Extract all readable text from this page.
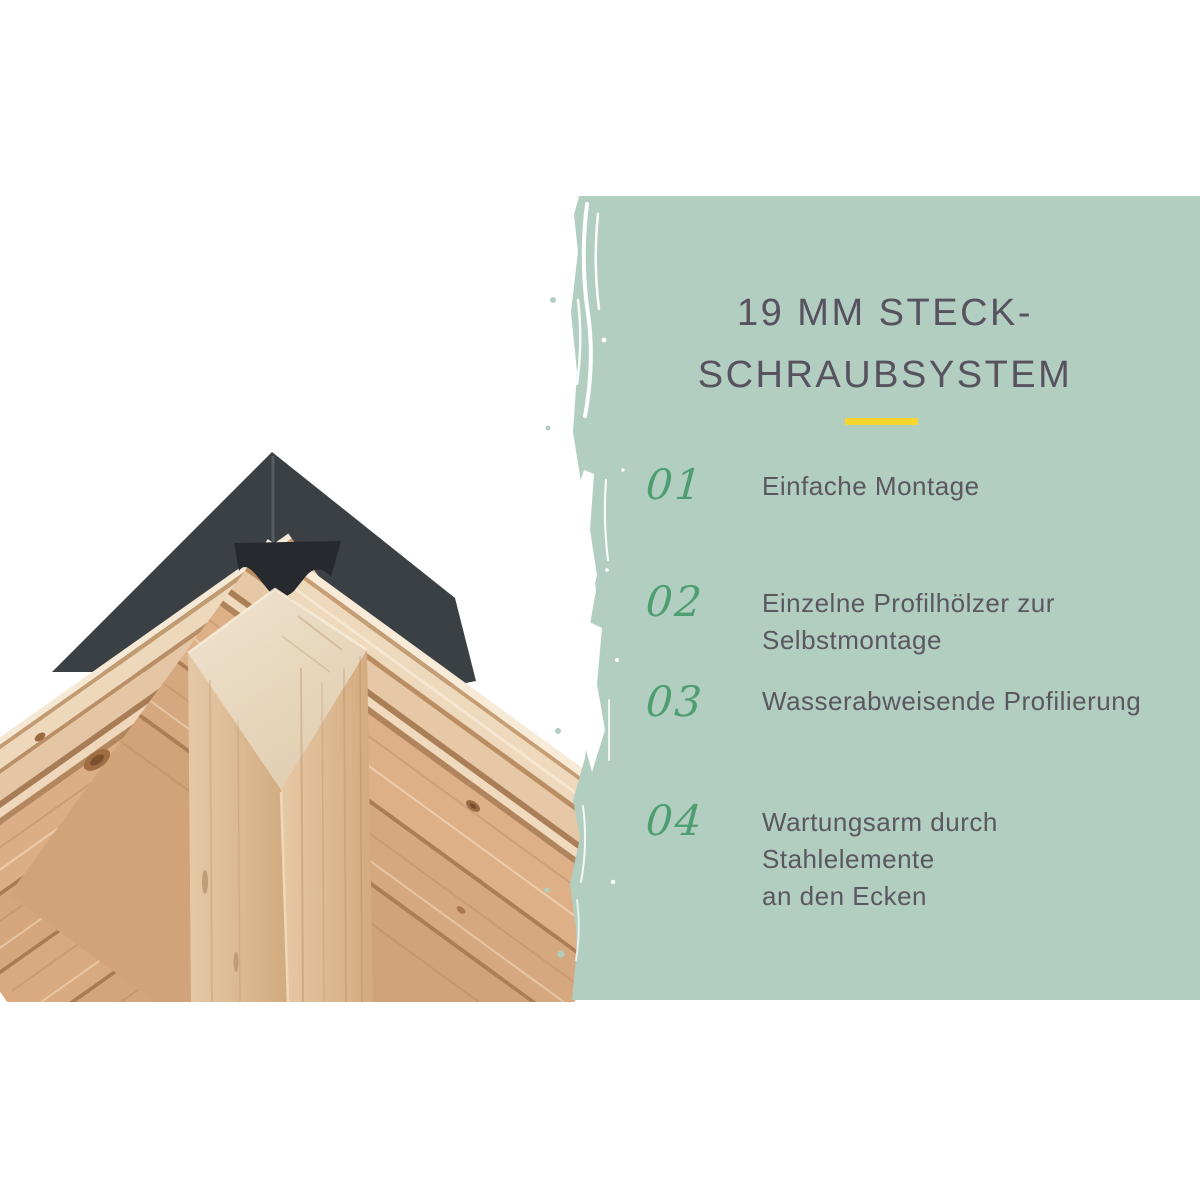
19 MM STECK-
SCHRAUBSYSTEM
01	Einfache Montage
02	Einzelne Profilhölzer zur
Selbstmontage
03	Wasserabweisende Profilierung
04	Wartungsarm durch Stahlelemente
an den Ecken
